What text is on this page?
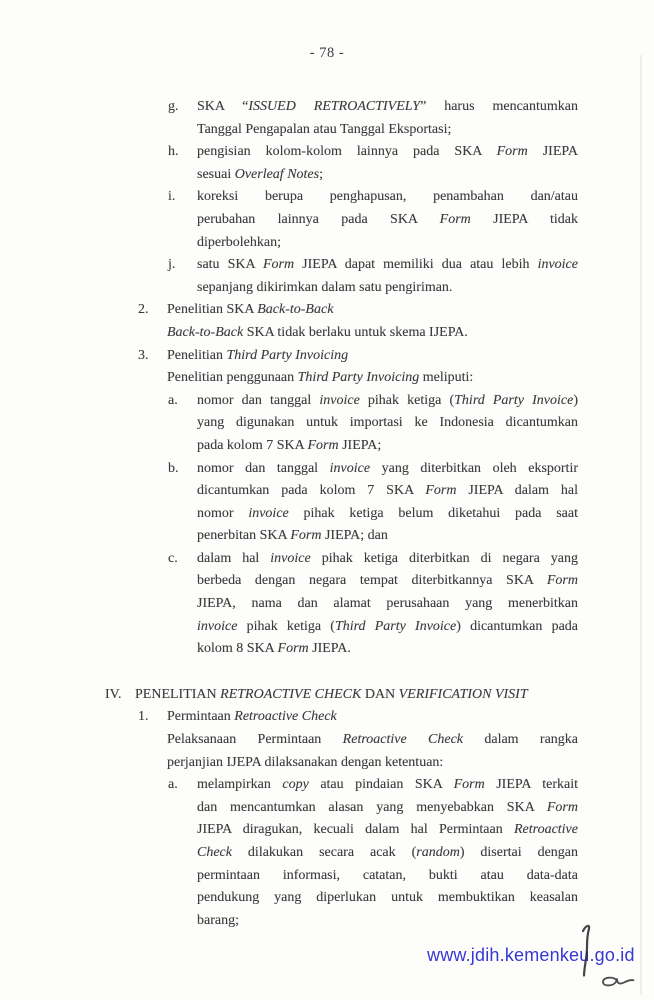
- 78 -
g.	SKA “ISSUED RETROACTIVELY” harus mencantumkan
Tanggal Pengapalan atau Tanggal Eksportasi;
h.	pengisian kolom-kolom lainnya pada SKA Form JIEPA
sesuai Overleaf Notes;
i.	koreksi berupa penghapusan, penambahan dan/atau
perubahan lainnya pada SKA Form JIEPA tidak
diperbolehkan;
j.	satu SKA Form JIEPA dapat memiliki dua atau lebih invoice
sepanjang dikirimkan dalam satu pengiriman.
2.	Penelitian SKA Back-to-Back
Back-to-Back SKA tidak berlaku untuk skema IJEPA.
3.	Penelitian Third Party Invoicing
Penelitian penggunaan Third Party Invoicing meliputi:
a.	nomor dan tanggal invoice pihak ketiga (Third Party Invoice)
yang digunakan untuk importasi ke Indonesia dicantumkan
pada kolom 7 SKA Form JIEPA;
b.	nomor dan tanggal invoice yang diterbitkan oleh eksportir
dicantumkan pada kolom 7 SKA Form JIEPA dalam hal
nomor invoice pihak ketiga belum diketahui pada saat
penerbitan SKA Form JIEPA; dan
c.	dalam hal invoice pihak ketiga diterbitkan di negara yang
berbeda dengan negara tempat diterbitkannya SKA Form
JIEPA, nama dan alamat perusahaan yang menerbitkan
invoice pihak ketiga (Third Party Invoice) dicantumkan pada
kolom 8 SKA Form JIEPA.
IV. PENELITIAN RETROACTIVE CHECK DAN VERIFICATION VISIT
1.	Permintaan Retroactive Check
Pelaksanaan Permintaan Retroactive Check dalam rangka
perjanjian IJEPA dilaksanakan dengan ketentuan:
a.	melampirkan copy atau pindaian SKA Form JIEPA terkait
dan mencantumkan alasan yang menyebabkan SKA Form
JIEPA diragukan, kecuali dalam hal Permintaan Retroactive
Check dilakukan secara acak (random) disertai dengan
permintaan informasi, catatan, bukti atau data-data
pendukung yang diperlukan untuk membuktikan keasalan
barang;
www.jdih.kemenkeu.go.id
